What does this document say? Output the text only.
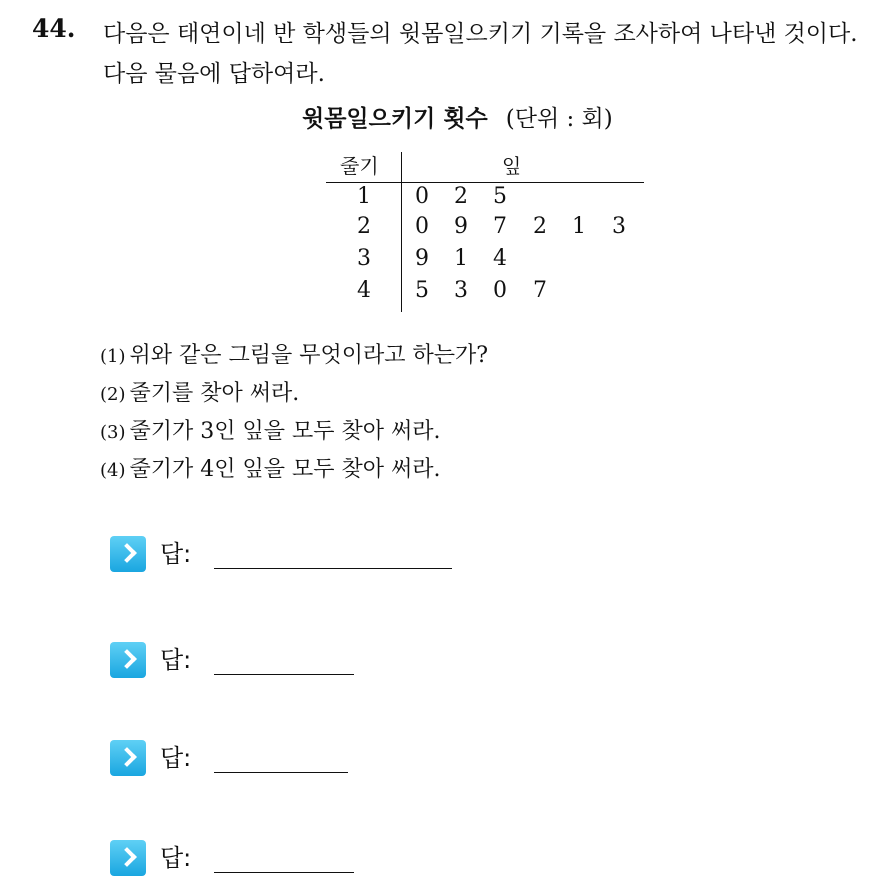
44. 다음은 태연이네 반 학생들의 윗몸일으키기 기록을 조사하여 나타낸 것이다. 다음 물음에 답하여라.
윗몸일으키기 횟수 (단위 : 회)
줄기	잎
1 0 2 5
2 0 9 7 2 1 3
3 9 1 4
4 5 3 0 7
(1) 위와 같은 그림을 무엇이라고 하는가?
(2) 줄기를 찾아 써라.
(3) 줄기가 3인 잎을 모두 찾아 써라.
(4) 줄기가 4인 잎을 모두 찾아 써라.
답:
답:
답:
답:
